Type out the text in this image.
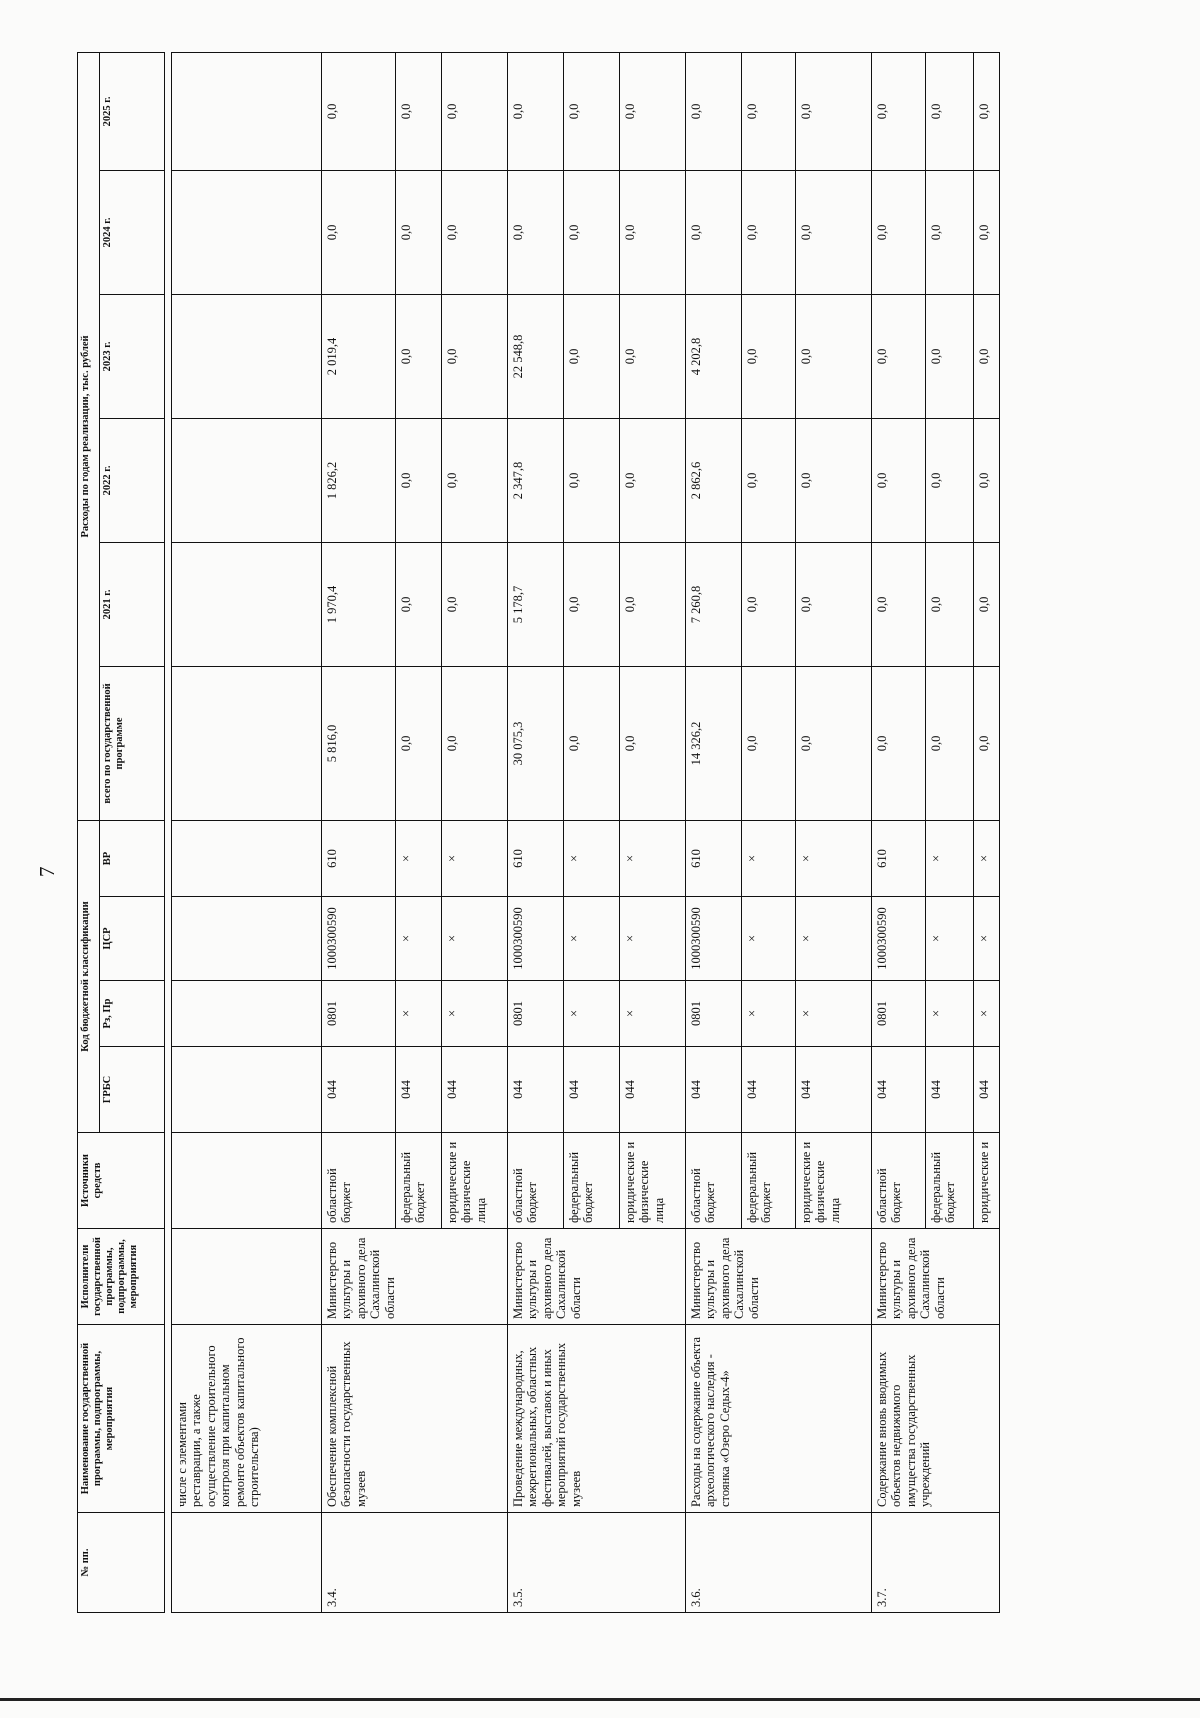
7
№ пп.	Наименование государственной программы, подпрограммы, мероприятия	Исполнители государственной программы, подпрограммы, мероприятия	Источники средств	Код бюджетной классификации				Расходы по годам реализации, тыс. рублей					
				ГРБС	Рз, Пр	ЦСР	ВР	всего по государственной программе	2021 г.	2022 г.	2023 г.	2024 г.	2025 г.

	числе с элементами реставрации, а также осуществление строительного контроля при капитальном ремонте объектов капитального строительства)												
3.4.	Обеспечение комплексной безопасности государственных музеев	Министерство культуры и архивного дела Сахалинской области	областной бюджет	044	0801	1000300590	610	5 816,0	1 970,4	1 826,2	2 019,4	0,0	0,0
			федеральный бюджет	044	×	×	×	0,0	0,0	0,0	0,0	0,0	0,0
			юридические и физические лица	044	×	×	×	0,0	0,0	0,0	0,0	0,0	0,0
3.5.	Проведение международных, межрегиональных, областных фестивалей, выставок и иных мероприятий государственных музеев	Министерство культуры и архивного дела Сахалинской области	областной бюджет	044	0801	1000300590	610	30 075,3	5 178,7	2 347,8	22 548,8	0,0	0,0
			федеральный бюджет	044	×	×	×	0,0	0,0	0,0	0,0	0,0	0,0
			юридические и физические лица	044	×	×	×	0,0	0,0	0,0	0,0	0,0	0,0
3.6.	Расходы на содержание объекта археологического наследия - стоянка «Озеро Седых-4»	Министерство культуры и архивного дела Сахалинской области	областной бюджет	044	0801	1000300590	610	14 326,2	7 260,8	2 862,6	4 202,8	0,0	0,0
			федеральный бюджет	044	×	×	×	0,0	0,0	0,0	0,0	0,0	0,0
			юридические и физические лица	044	×	×	×	0,0	0,0	0,0	0,0	0,0	0,0
3.7.	Содержание вновь вводимых объектов недвижимого имущества государственных учреждений	Министерство культуры и архивного дела Сахалинской области	областной бюджет	044	0801	1000300590	610	0,0	0,0	0,0	0,0	0,0	0,0
			федеральный бюджет	044	×	×	×	0,0	0,0	0,0	0,0	0,0	0,0
			юридические и	044	×	×	×	0,0	0,0	0,0	0,0	0,0	0,0
